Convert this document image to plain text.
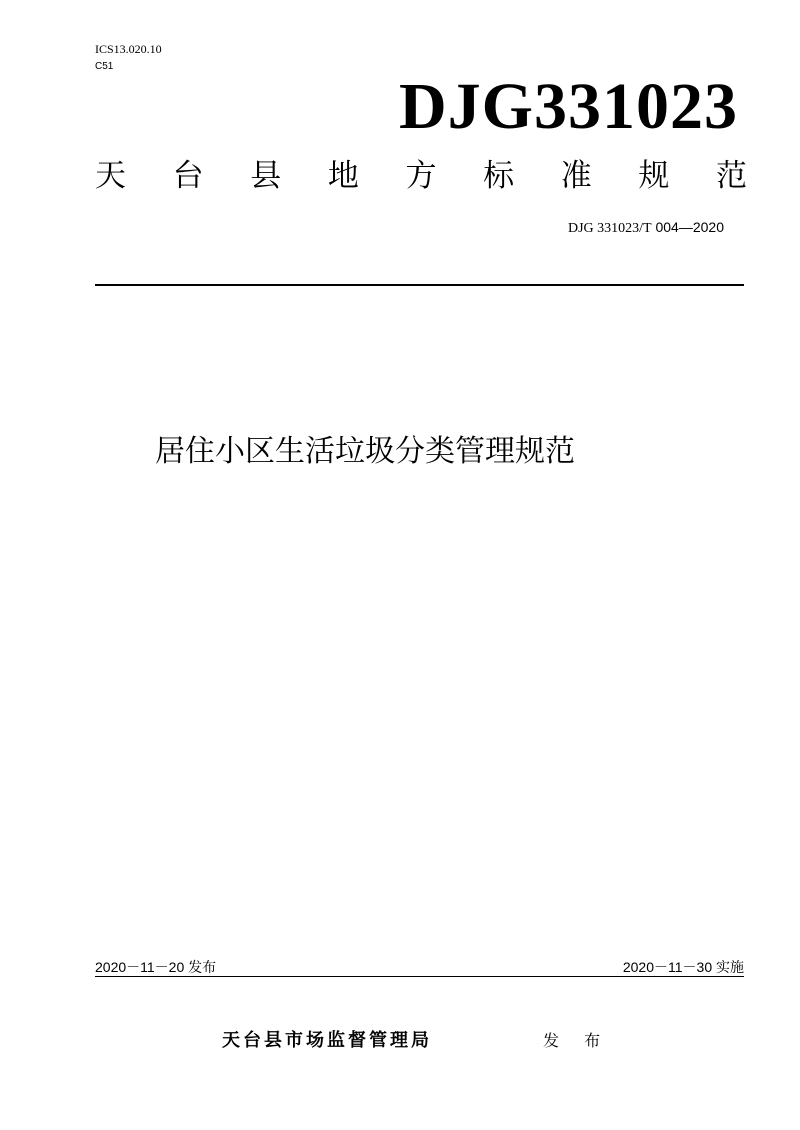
ICS13.020.10
C51
DJG331023
天 台 县 地 方 标 准 规 范
DJG 331023/T 004—2020
居住小区生活垃圾分类管理规范
2020－11－20 发布	2020－11－30 实施
天台县市场监督管理局	发 布
